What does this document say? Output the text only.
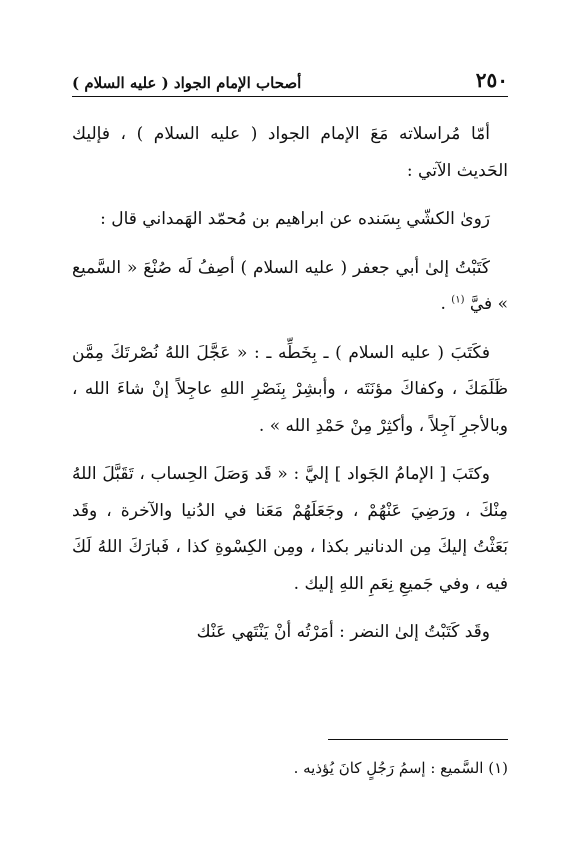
٢٥٠
أصحاب الإمام الجواد ( عليه السلام )

أمّا مُراسلاته مَعَ الإمام الجواد ( عليه السلام ) ، فإليك الحَديث الآتي :

رَوىٰ الكشّي بِسَنده عن ابراهيم بن مُحمّد الهَمداني قال :

كَتَبْتُ إلىٰ أبي جعفر ( عليه السلام ) أصِفُ لَه صُنْعَ « السَّميع » فيَّ $^{(١)}$ .

فكَتَبَ ( عليه السلام ) ـ بِخَطِّه ـ : « عَجَّلَ اللهُ نُصْرتَكَ مِمَّن ظَلَمَكَ ، وكفاكَ مؤنَتَه ، وأبشِرْ بِنَصْرِ اللهِ عاجِلاً إنْ شاءَ الله ، وبالأجرِ آجِلاً ، وأكثِرْ مِنْ حَمْدِ الله » .

وكتَبَ [ الإمامُ الجَواد ] إليَّ : « قَد وَصَلَ الحِساب ، تَقَبَّلَ اللهُ مِنْكَ ، ورَضِيَ عَنْهُمْ ، وجَعَلَهُمْ مَعَنا في الدُنيا والآخرة ، وقَد بَعَثْتُ إليكَ مِن الدنانير بكذا ، ومِن الكِسْوةِ كذا ، فَبارَكَ اللهُ لَكَ فيه ، وفي جَميعِ نِعَمِ اللهِ إليك .

وقَد كَتَبْتُ إلىٰ النضر : أمَرْتُه أنْ يَنْتَهي عَنْك

(١) السَّميع : إسمُ رَجُلٍ كانَ يُؤذيه .
